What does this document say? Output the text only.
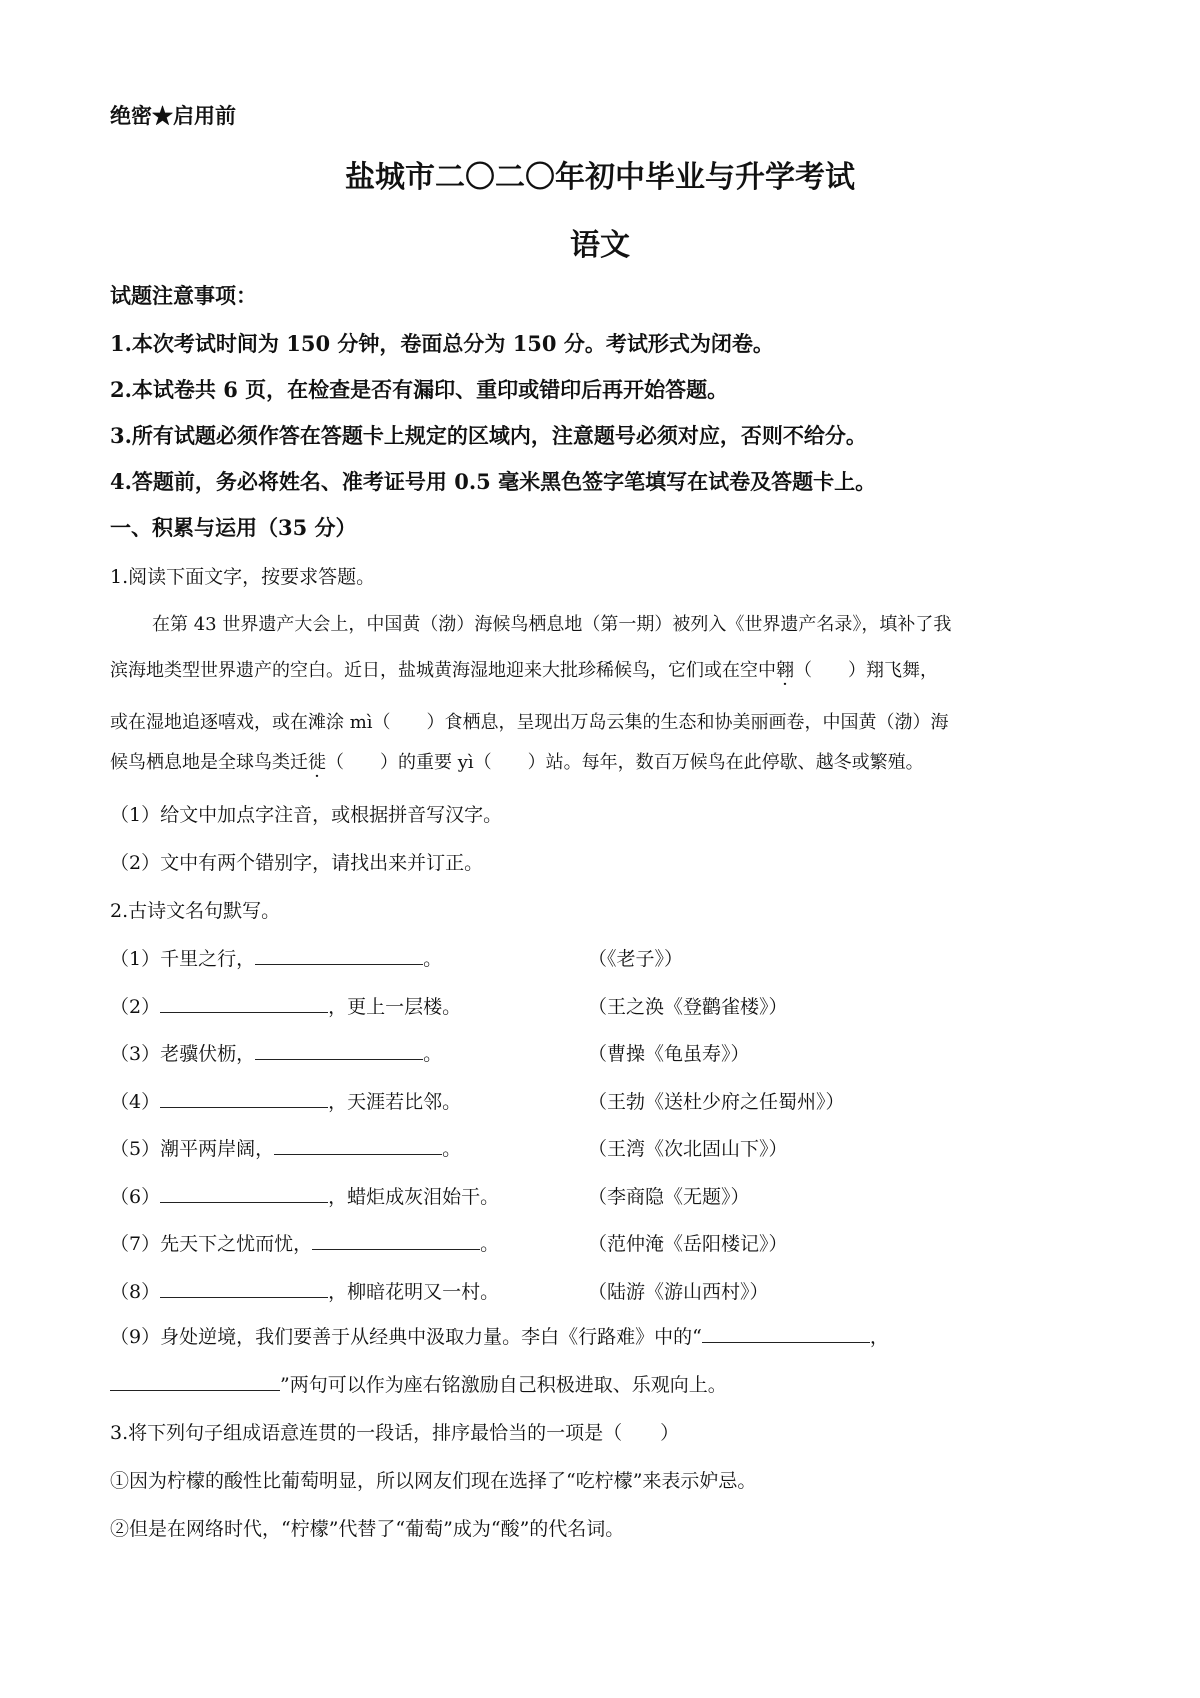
绝密★启用前
盐城市二〇二〇年初中毕业与升学考试
语文
试题注意事项：
1.本次考试时间为 150 分钟，卷面总分为 150 分。考试形式为闭卷。
2.本试卷共 6 页，在检查是否有漏印、重印或错印后再开始答题。
3.所有试题必须作答在答题卡上规定的区域内，注意题号必须对应，否则不给分。
4.答题前，务必将姓名、准考证号用 0.5 毫米黑色签字笔填写在试卷及答题卡上。
一、积累与运用（35 分）
1.阅读下面文字，按要求答题。
在第 43 世界遗产大会上，中国黄（渤）海候鸟栖息地（第一期）被列入《世界遗产名录》，填补了我
滨海地类型世界遗产的空白。近日，盐城黄海湿地迎来大批珍稀候鸟，它们或在空中翱（　　）翔飞舞，
或在湿地追逐嘻戏，或在滩涂 mì（　　）食栖息，呈现出万岛云集的生态和协美丽画卷，中国黄（渤）海
候鸟栖息地是全球鸟类迁徙（　　）的重要 yì（　　）站。每年，数百万候鸟在此停歇、越冬或繁殖。
（1）给文中加点字注音，或根据拼音写汉字。
（2）文中有两个错别字，请找出来并订正。
2.古诗文名句默写。
（1）千里之行，	。	（《老子》）
（2）	，更上一层楼。	（王之涣《登鹳雀楼》）
（3）老骥伏枥，	。	（曹操《龟虽寿》）
（4）	，天涯若比邻。	（王勃《送杜少府之任蜀州》）
（5）潮平两岸阔，	。	（王湾《次北固山下》）
（6）	，蜡炬成灰泪始干。	（李商隐《无题》）
（7）先天下之忧而忧，	。	（范仲淹《岳阳楼记》）
（8）	，柳暗花明又一村。	（陆游《游山西村》）
（9）身处逆境，我们要善于从经典中汲取力量。李白《行路难》中的“	，
”两句可以作为座右铭激励自己积极进取、乐观向上。
3.将下列句子组成语意连贯的一段话，排序最恰当的一项是（　　）
①因为柠檬的酸性比葡萄明显，所以网友们现在选择了“吃柠檬”来表示妒忌。
②但是在网络时代，“柠檬”代替了“葡萄”成为“酸”的代名词。
